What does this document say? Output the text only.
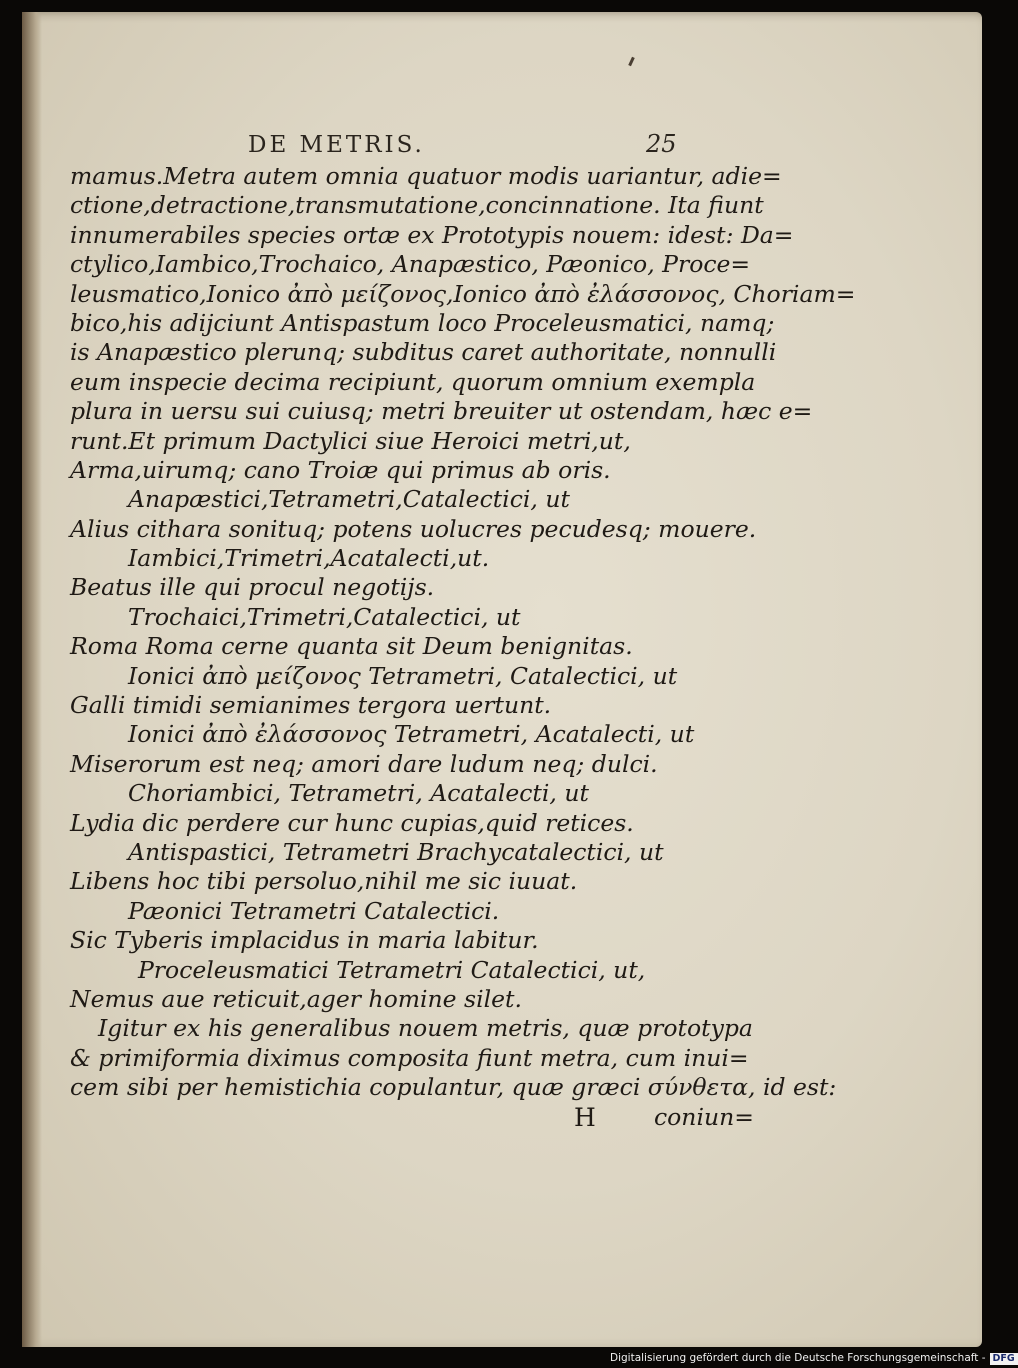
DE METRIS.	25
mamus.Metra autem omnia quatuor modis uariantur, adie=
ctione,detractione,transmutatione,concinnatione. Ita fiunt
innumerabiles species ortæ ex Prototypis nouem: idest: Da=
ctylico,Iambico,Trochaico, Anapæstico, Pæonico, Proce=
leusmatico,Ionico ἀπὸ μείζονος,Ionico ἀπὸ ἐλάσσονος, Choriam=
bico,his adijciunt Antispastum loco Proceleusmatici, namq;
is Anapæstico plerunq; subditus caret authoritate, nonnulli
eum inspecie decima recipiunt, quorum omnium exempla
plura in uersu sui cuiusq; metri breuiter ut ostendam, hæc e=
runt.Et primum Dactylici siue Heroici metri,ut,
Arma,uirumq; cano Troiæ qui primus ab oris.
Anapæstici,Tetrametri,Catalectici, ut
Alius cithara sonituq; potens uolucres pecudesq; mouere.
Iambici,Trimetri,Acatalecti,ut.
Beatus ille qui procul negotijs.
Trochaici,Trimetri,Catalectici, ut
Roma Roma cerne quanta sit Deum benignitas.
Ionici ἀπὸ μείζονος Tetrametri, Catalectici, ut
Galli timidi semianimes tergora uertunt.
Ionici ἀπὸ ἐλάσσονος Tetrametri, Acatalecti, ut
Miserorum est neq; amori dare ludum neq; dulci.
Choriambici, Tetrametri, Acatalecti, ut
Lydia dic perdere cur hunc cupias,quid retices.
Antispastici, Tetrametri Brachycatalectici, ut
Libens hoc tibi persoluo,nihil me sic iuuat.
Pæonici Tetrametri Catalectici.
Sic Tyberis implacidus in maria labitur.
Proceleusmatici Tetrametri Catalectici, ut,
Nemus aue reticuit,ager homine silet.
Igitur ex his generalibus nouem metris, quæ prototypa
& primiformia diximus composita fiunt metra, cum inui=
cem sibi per hemistichia copulantur, quæ græci σύνθετα, id est:
H coniun=
Digitalisierung gefördert durch die Deutsche Forschungsgemeinschaft - DFG
